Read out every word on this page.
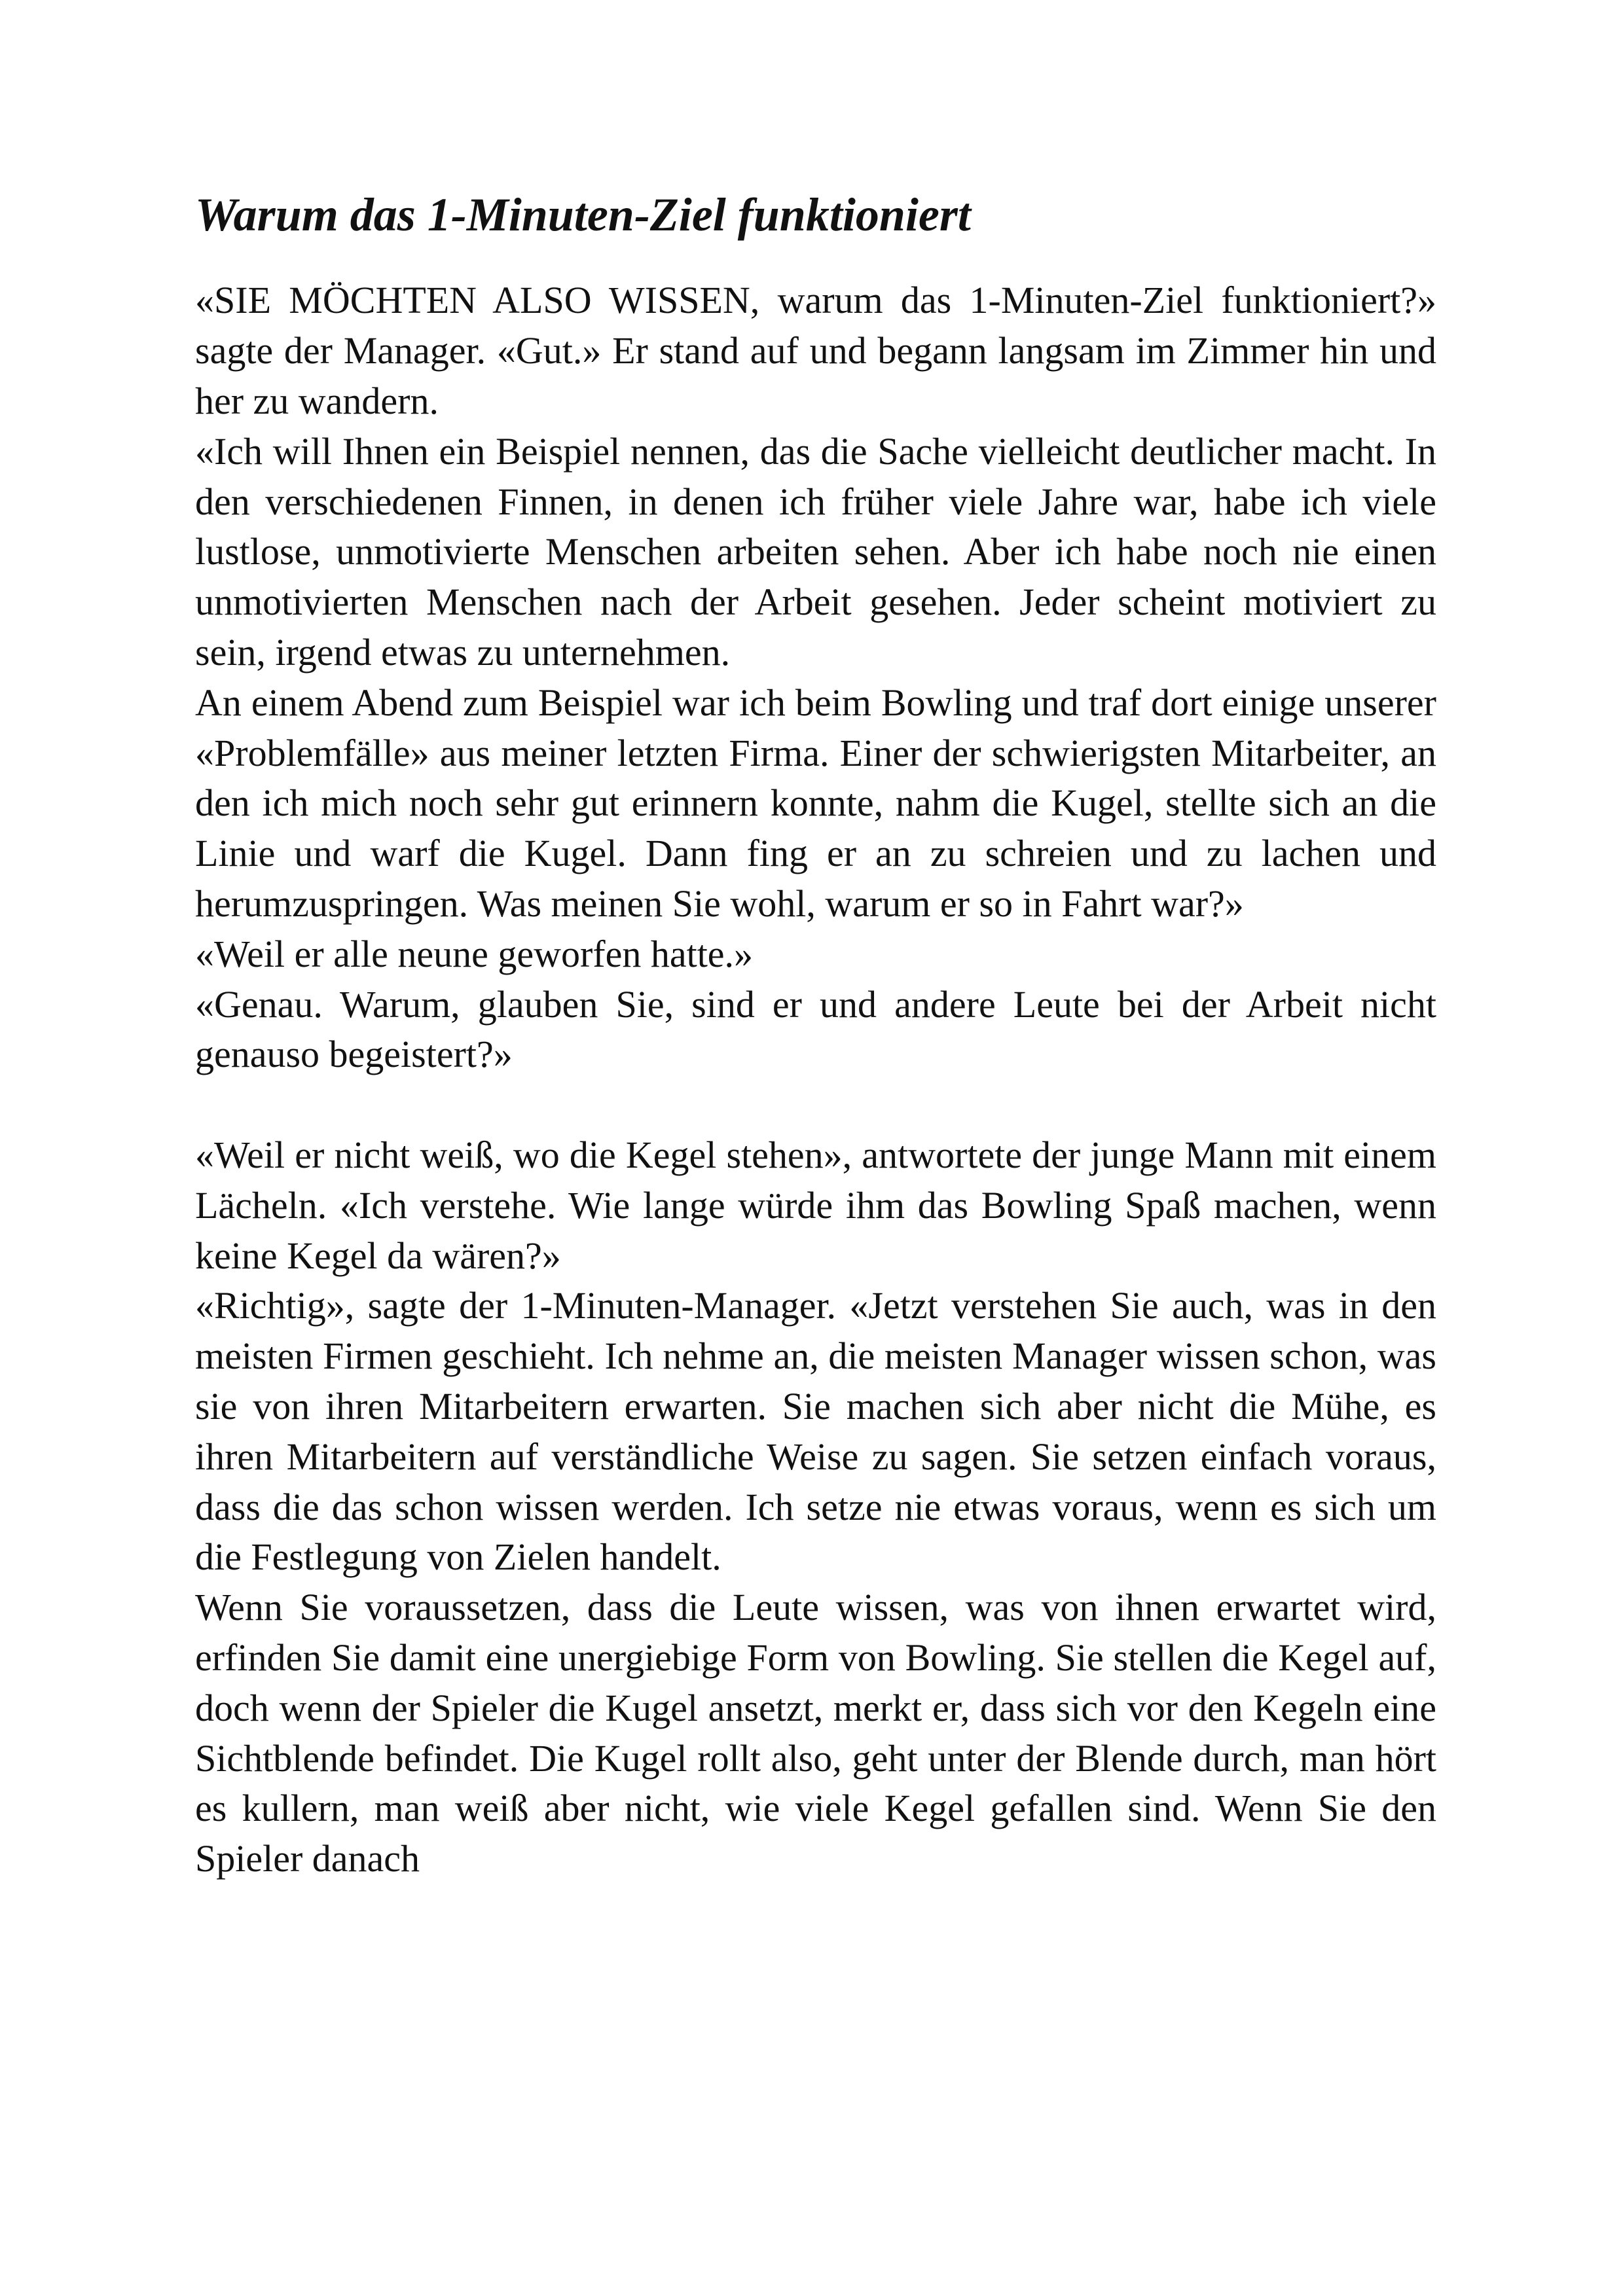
Warum das 1-Minuten-Ziel funktioniert

«SIE MÖCHTEN ALSO WISSEN, warum das 1-Minuten-Ziel funktioniert?» sagte der Manager. «Gut.» Er stand auf und begann langsam im Zimmer hin und her zu wandern.

«Ich will Ihnen ein Beispiel nennen, das die Sache vielleicht deutlicher macht. In den verschiedenen Finnen, in denen ich früher viele Jahre war, habe ich viele lustlose, unmotivierte Menschen arbeiten sehen. Aber ich habe noch nie einen unmotivierten Menschen nach der Arbeit gesehen. Jeder scheint motiviert zu sein, irgend etwas zu unternehmen.

An einem Abend zum Beispiel war ich beim Bowling und traf dort einige unserer «Problemfälle» aus meiner letzten Firma. Einer der schwierigsten Mitarbeiter, an den ich mich noch sehr gut erinnern konnte, nahm die Kugel, stellte sich an die Linie und warf die Kugel. Dann fing er an zu schreien und zu lachen und herumzuspringen. Was meinen Sie wohl, warum er so in Fahrt war?»

«Weil er alle neune geworfen hatte.»

«Genau. Warum, glauben Sie, sind er und andere Leute bei der Arbeit nicht genauso begeistert?»

«Weil er nicht weiß, wo die Kegel stehen», antwortete der junge Mann mit einem Lächeln. «Ich verstehe. Wie lange würde ihm das Bowling Spaß machen, wenn keine Kegel da wären?»

«Richtig», sagte der 1-Minuten-Manager. «Jetzt verstehen Sie auch, was in den meisten Firmen geschieht. Ich nehme an, die meisten Manager wissen schon, was sie von ihren Mitarbeitern erwarten. Sie machen sich aber nicht die Mühe, es ihren Mitarbeitern auf verständliche Weise zu sagen. Sie setzen einfach voraus, dass die das schon wissen werden. Ich setze nie etwas voraus, wenn es sich um die Festlegung von Zielen handelt.

Wenn Sie voraussetzen, dass die Leute wissen, was von ihnen erwartet wird, erfinden Sie damit eine unergiebige Form von Bowling. Sie stellen die Kegel auf, doch wenn der Spieler die Kugel ansetzt, merkt er, dass sich vor den Kegeln eine Sichtblende befindet. Die Kugel rollt also, geht unter der Blende durch, man hört es kullern, man weiß aber nicht, wie viele Kegel gefallen sind. Wenn Sie den Spieler danach
